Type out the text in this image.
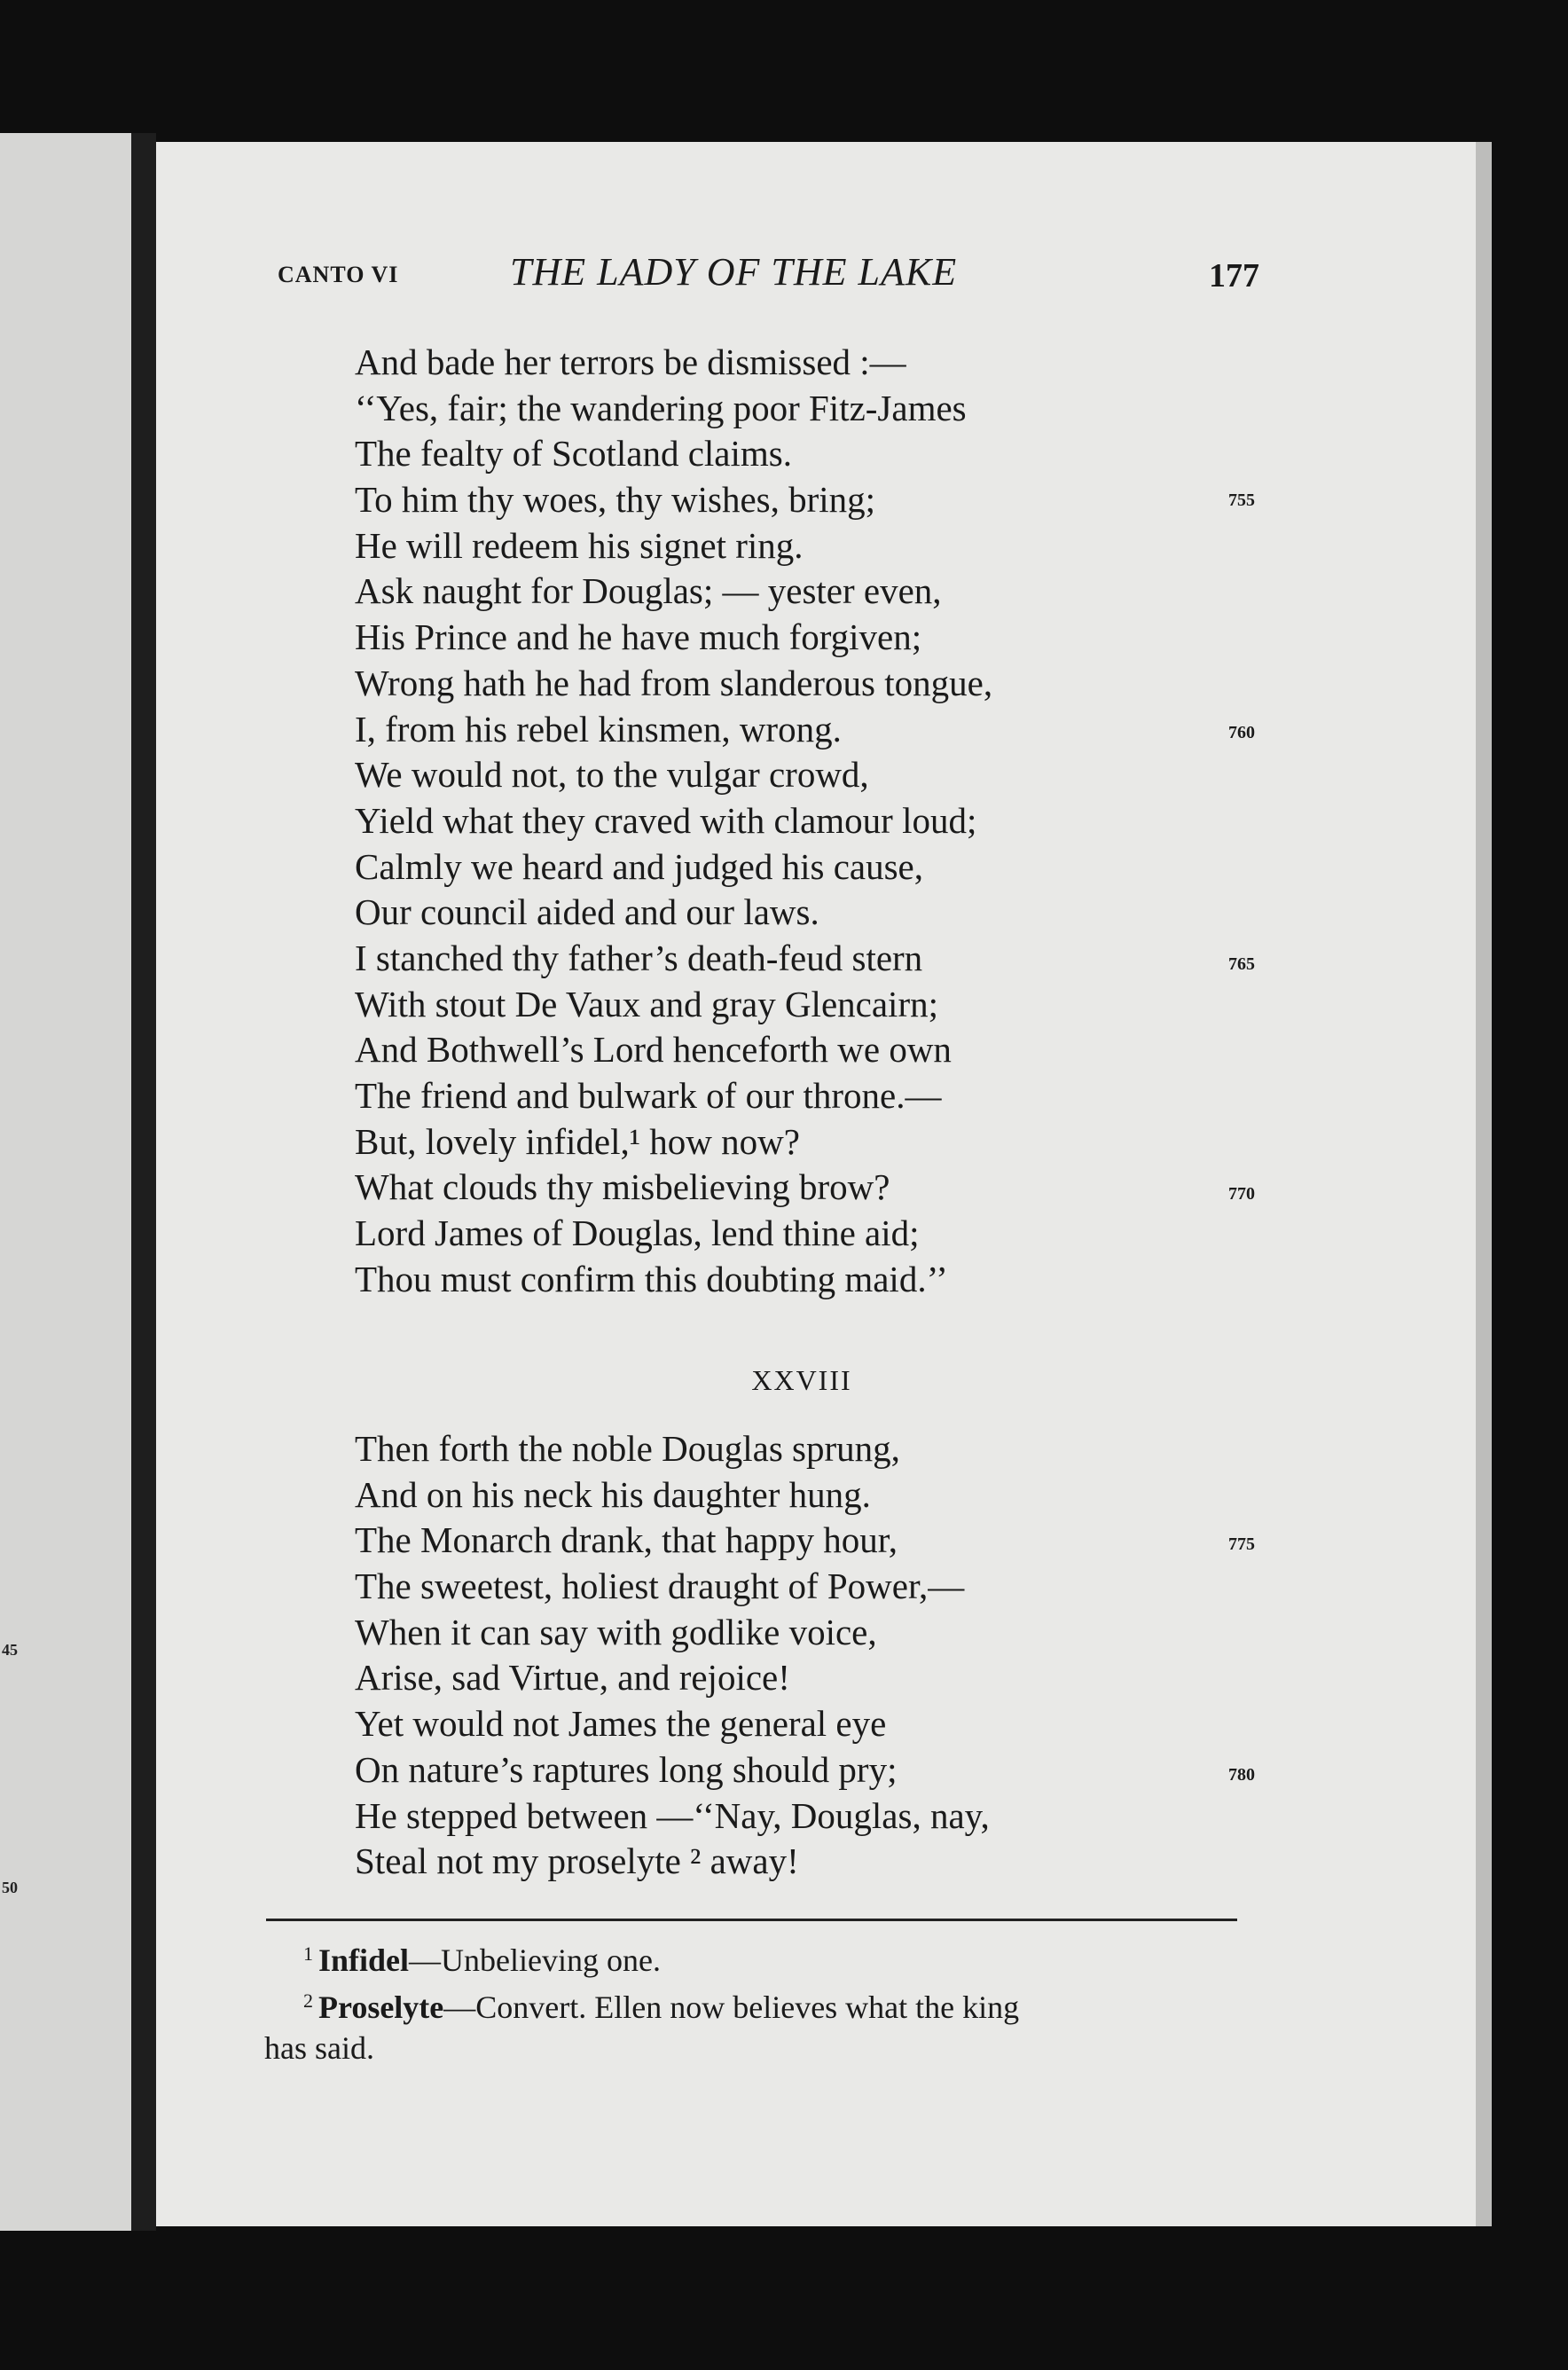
45
50
CANTO VI	THE LADY OF THE LAKE	177
And bade her terrors be dismissed :—
‘‘Yes, fair; the wandering poor Fitz-James
The fealty of Scotland claims.
To him thy woes, thy wishes, bring;
He will redeem his signet ring.
Ask naught for Douglas; — yester even,
His Prince and he have much forgiven;
Wrong hath he had from slanderous tongue,
I, from his rebel kinsmen, wrong.
We would not, to the vulgar crowd,
Yield what they craved with clamour loud;
Calmly we heard and judged his cause,
Our council aided and our laws.
I stanched thy father’s death-feud stern
With stout De Vaux and gray Glencairn;
And Bothwell’s Lord henceforth we own
The friend and bulwark of our throne.—
But, lovely infidel,¹ how now?
What clouds thy misbelieving brow?
Lord James of Douglas, lend thine aid;
Thou must confirm this doubting maid.’’
755
760
765
770
XXVIII
Then forth the noble Douglas sprung,
And on his neck his daughter hung.
The Monarch drank, that happy hour,
The sweetest, holiest draught of Power,—
When it can say with godlike voice,
Arise, sad Virtue, and rejoice!
Yet would not James the general eye
On nature’s raptures long should pry;
He stepped between —‘‘Nay, Douglas, nay,
Steal not my proselyte ² away!
775
780
$^1$ Infidel—Unbelieving one.
$^2$ Proselyte—Convert. Ellen now believes what the king
has said.
